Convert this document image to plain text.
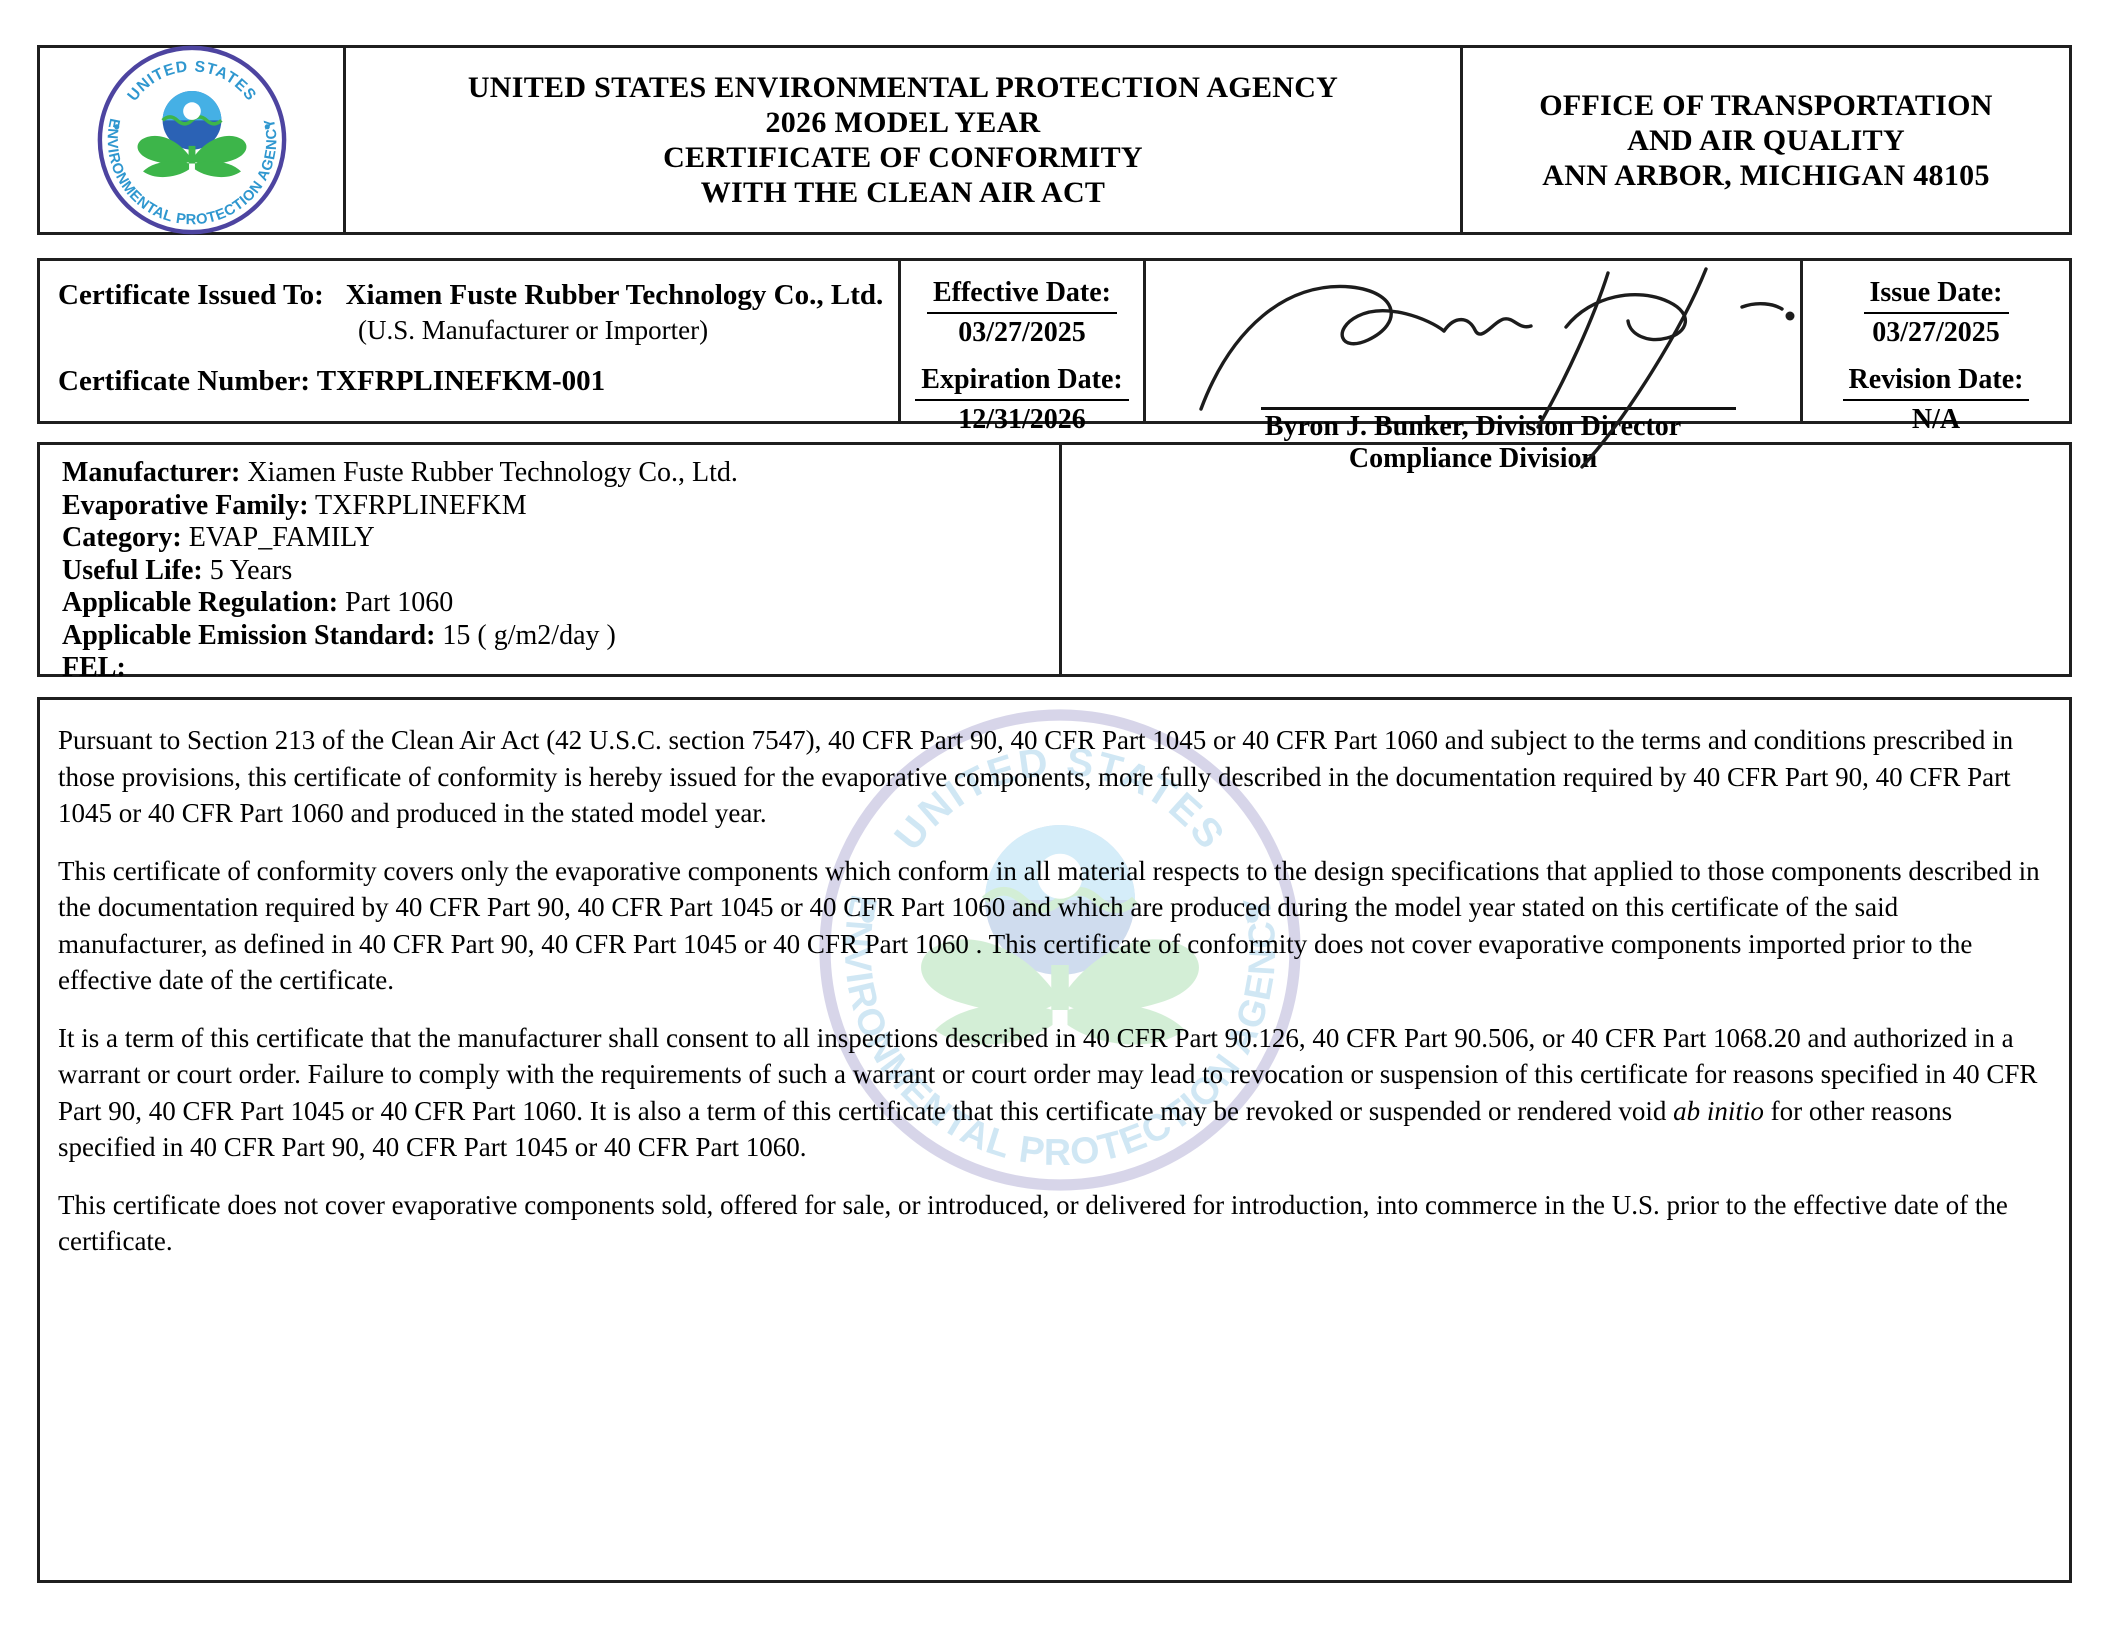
UNITED STATES ENVIRONMENTAL PROTECTION AGENCY
2026 MODEL YEAR
CERTIFICATE OF CONFORMITY
WITH THE CLEAN AIR ACT
OFFICE OF TRANSPORTATION
AND AIR QUALITY
ANN ARBOR, MICHIGAN 48105
Certificate Issued To: Xiamen Fuste Rubber Technology Co., Ltd.
(U.S. Manufacturer or Importer)
Certificate Number: TXFRPLINEFKM-001
Effective Date:
03/27/2025
Expiration Date:
12/31/2026	Byron J. Bunker, Division Director
Compliance Division
Issue Date:
03/27/2025
Revision Date:
N/A
Manufacturer: Xiamen Fuste Rubber Technology Co., Ltd.
Evaporative Family: TXFRPLINEFKM
Category: EVAP_FAMILY
Useful Life: 5 Years
Applicable Regulation: Part 1060
Applicable Emission Standard: 15 ( g/m2/day )
FEL:

Pursuant to Section 213 of the Clean Air Act (42 U.S.C. section 7547), 40 CFR Part 90, 40 CFR Part 1045 or 40 CFR Part 1060 and subject to the terms and conditions prescribed in those provisions, this certificate of conformity is hereby issued for the evaporative components, more fully described in the documentation required by 40 CFR Part 90, 40 CFR Part 1045 or 40 CFR Part 1060 and produced in the stated model year.

This certificate of conformity covers only the evaporative components which conform in all material respects to the design specifications that applied to those components described in the documentation required by 40 CFR Part 90, 40 CFR Part 1045 or 40 CFR Part 1060 and which are produced during the model year stated on this certificate of the said manufacturer, as defined in 40 CFR Part 90, 40 CFR Part 1045 or 40 CFR Part 1060 . This certificate of conformity does not cover evaporative components imported prior to the effective date of the certificate.

It is a term of this certificate that the manufacturer shall consent to all inspections described in 40 CFR Part 90.126, 40 CFR Part 90.506, or 40 CFR Part 1068.20 and authorized in a warrant or court order. Failure to comply with the requirements of such a warrant or court order may lead to revocation or suspension of this certificate for reasons specified in 40 CFR Part 90, 40 CFR Part 1045 or 40 CFR Part 1060. It is also a term of this certificate that this certificate may be revoked or suspended or rendered void ab initio for other reasons specified in 40 CFR Part 90, 40 CFR Part 1045 or 40 CFR Part 1060.

This certificate does not cover evaporative components sold, offered for sale, or introduced, or delivered for introduction, into commerce in the U.S. prior to the effective date of the certificate.
